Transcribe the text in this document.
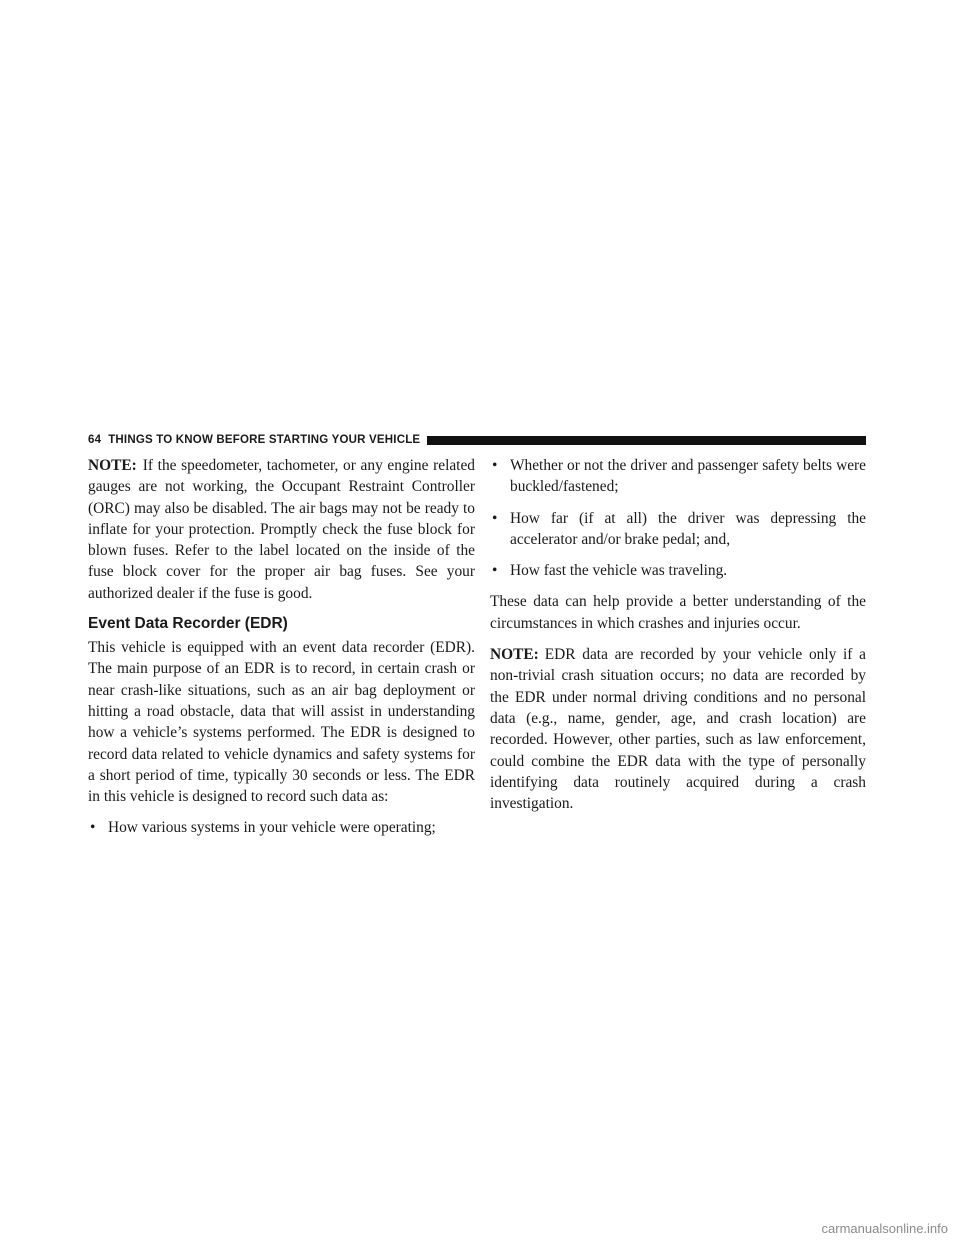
64 THINGS TO KNOW BEFORE STARTING YOUR VEHICLE

NOTE: If the speedometer, tachometer, or any engine related gauges are not working, the Occupant Restraint Controller (ORC) may also be disabled. The air bags may not be ready to inflate for your protection. Promptly check the fuse block for blown fuses. Refer to the label located on the inside of the fuse block cover for the proper air bag fuses. See your authorized dealer if the fuse is good.

Event Data Recorder (EDR)

This vehicle is equipped with an event data recorder (EDR). The main purpose of an EDR is to record, in certain crash or near crash-like situations, such as an air bag deployment or hitting a road obstacle, data that will assist in understanding how a vehicle’s systems performed. The EDR is designed to record data related to vehicle dynamics and safety systems for a short period of time, typically 30 seconds or less. The EDR in this vehicle is designed to record such data as:

• How various systems in your vehicle were operating;
• Whether or not the driver and passenger safety belts were buckled/fastened;
• How far (if at all) the driver was depressing the accelerator and/or brake pedal; and,
• How fast the vehicle was traveling.

These data can help provide a better understanding of the circumstances in which crashes and injuries occur.

NOTE: EDR data are recorded by your vehicle only if a non-trivial crash situation occurs; no data are recorded by the EDR under normal driving conditions and no personal data (e.g., name, gender, age, and crash location) are recorded. However, other parties, such as law enforcement, could combine the EDR data with the type of personally identifying data routinely acquired during a crash investigation.

carmanualsonline.info
